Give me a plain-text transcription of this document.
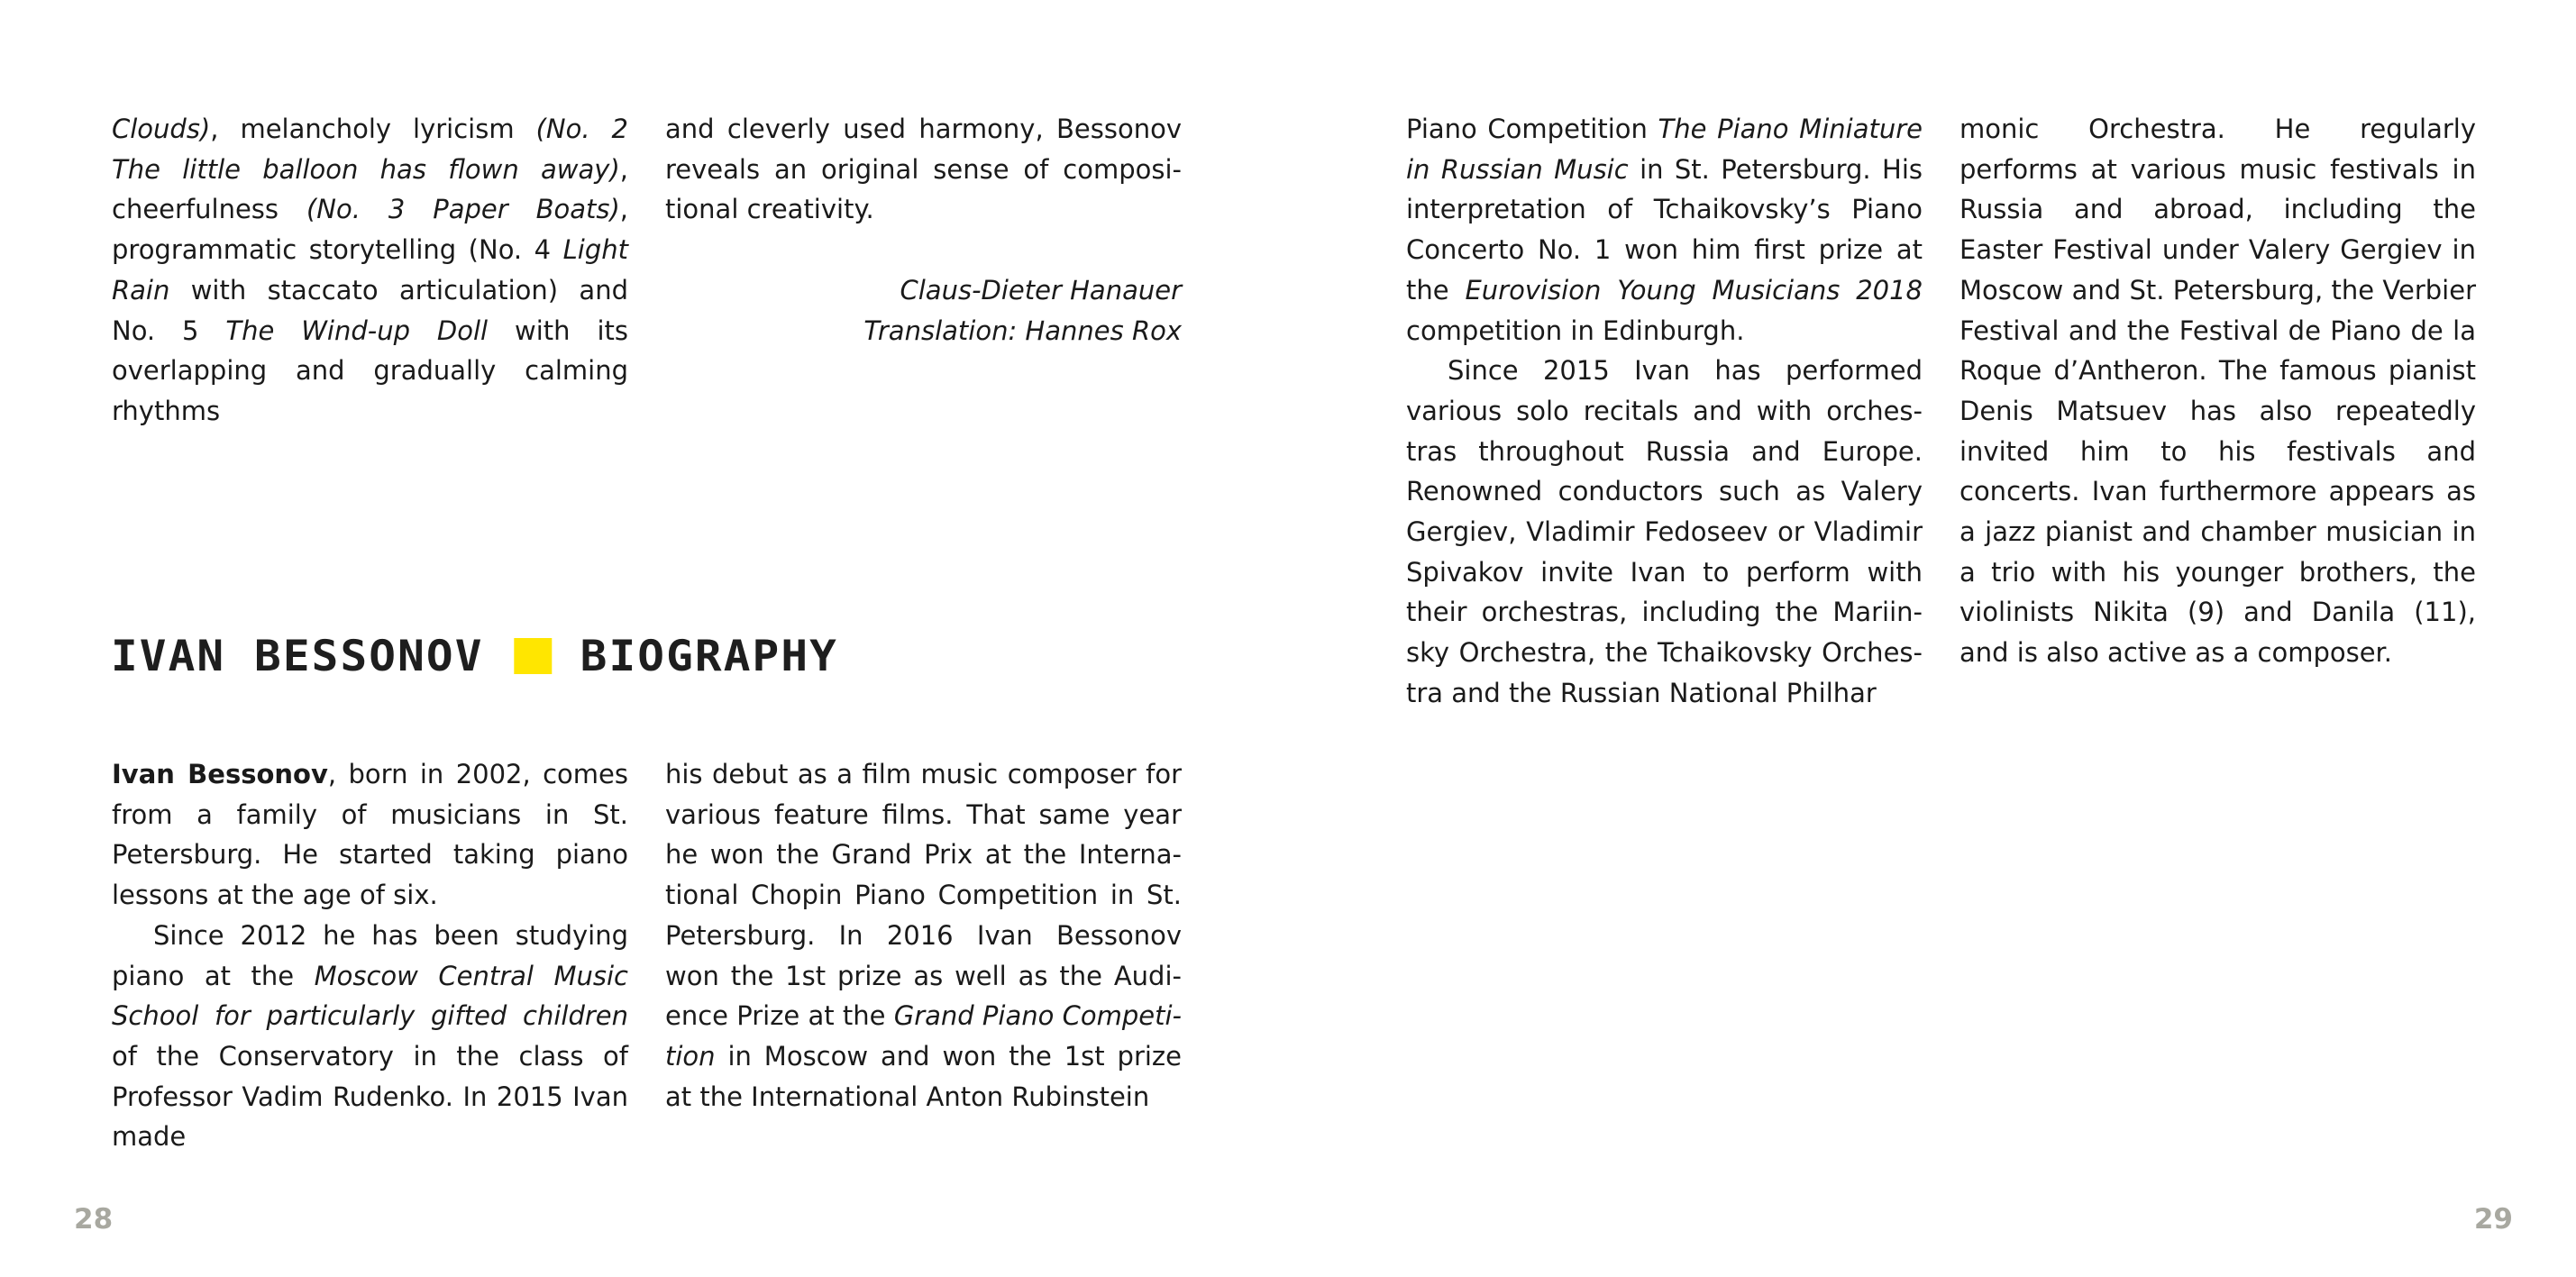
Clouds), melancholy lyricism (No. 2 The little balloon has flown away), cheerfulness (No. 3 Paper Boats), programmatic storytelling (No. 4 Light Rain with staccato articulation) and No. 5 The Wind-up Doll with its overlapping and gradually calming rhythms

and cleverly used harmony, Bessonov reveals an original sense of compositional creativity.

Claus-Dieter Hanauer
Translation: Hannes Rox

IVAN BESSONOV BIOGRAPHY

Ivan Bessonov, born in 2002, comes from a family of musicians in St. Petersburg. He started taking piano lessons at the age of six.

Since 2012 he has been studying piano at the Moscow Central Music School for particularly gifted children of the Conservatory in the class of Professor Vadim Rudenko. In 2015 Ivan made

his debut as a film music composer for various feature films. That same year he won the Grand Prix at the International Chopin Piano Competition in St. Petersburg. In 2016 Ivan Bessonov won the 1st prize as well as the Audience Prize at the Grand Piano Competition in Moscow and won the 1st prize at the International Anton Rubinstein

28

Piano Competition The Piano Miniature in Russian Music in St. Petersburg. His interpretation of Tchaikovsky’s Piano Concerto No. 1 won him first prize at the Eurovision Young Musicians 2018 competition in Edinburgh.

Since 2015 Ivan has performed various solo recitals and with orchestras throughout Russia and Europe. Renowned conductors such as Valery Gergiev, Vladimir Fedoseev or Vladimir Spivakov invite Ivan to perform with their orchestras, including the Mariinsky Orchestra, the Tchaikovsky Orchestra and the Russian National Philhar

monic Orchestra. He regularly performs at various music festivals in Russia and abroad, including the Easter Festival under Valery Gergiev in Moscow and St. Petersburg, the Verbier Festival and the Festival de Piano de la Roque d’Antheron. The famous pianist Denis Matsuev has also repeatedly invited him to his festivals and concerts. Ivan furthermore appears as a jazz pianist and chamber musician in a trio with his younger brothers, the violinists Nikita (9) and Danila (11), and is also active as a composer.

29
